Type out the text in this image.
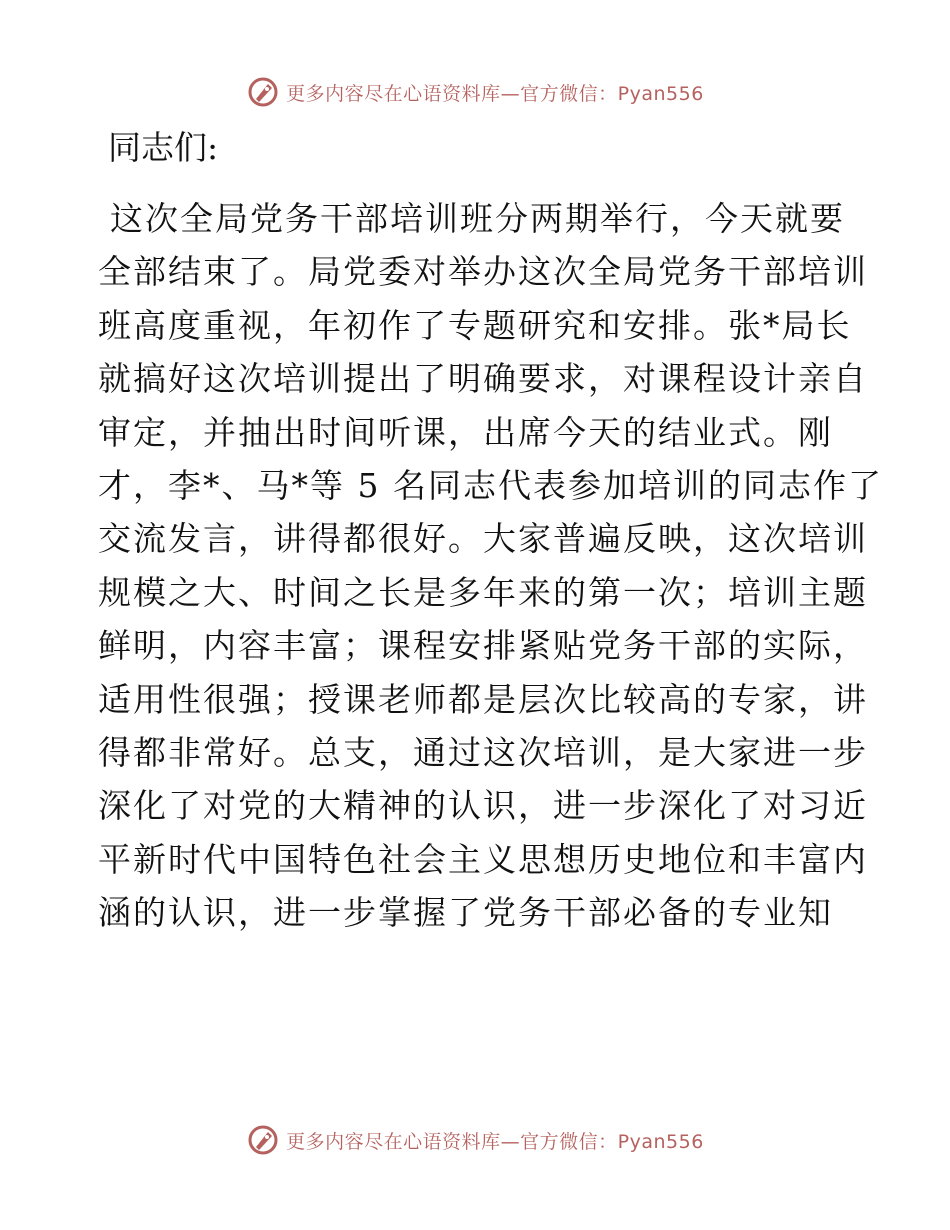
更多内容尽在心语资料库—官方微信：Pyan556

同志们:

这次全局党务干部培训班分两期举行，今天就要

全部结束了。局党委对举办这次全局党务干部培训

班高度重视，年初作了专题研究和安排。张*局长

就搞好这次培训提出了明确要求，对课程设计亲自

审定，并抽出时间听课，出席今天的结业式。刚

才，李*、马*等 5 名同志代表参加培训的同志作了

交流发言，讲得都很好。大家普遍反映，这次培训

规模之大、时间之长是多年来的第一次；培训主题

鲜明，内容丰富；课程安排紧贴党务干部的实际，

适用性很强；授课老师都是层次比较高的专家，讲

得都非常好。总支，通过这次培训，是大家进一步

深化了对党的大精神的认识，进一步深化了对习近

平新时代中国特色社会主义思想历史地位和丰富内

涵的认识，进一步掌握了党务干部必备的专业知

更多内容尽在心语资料库—官方微信：Pyan556
